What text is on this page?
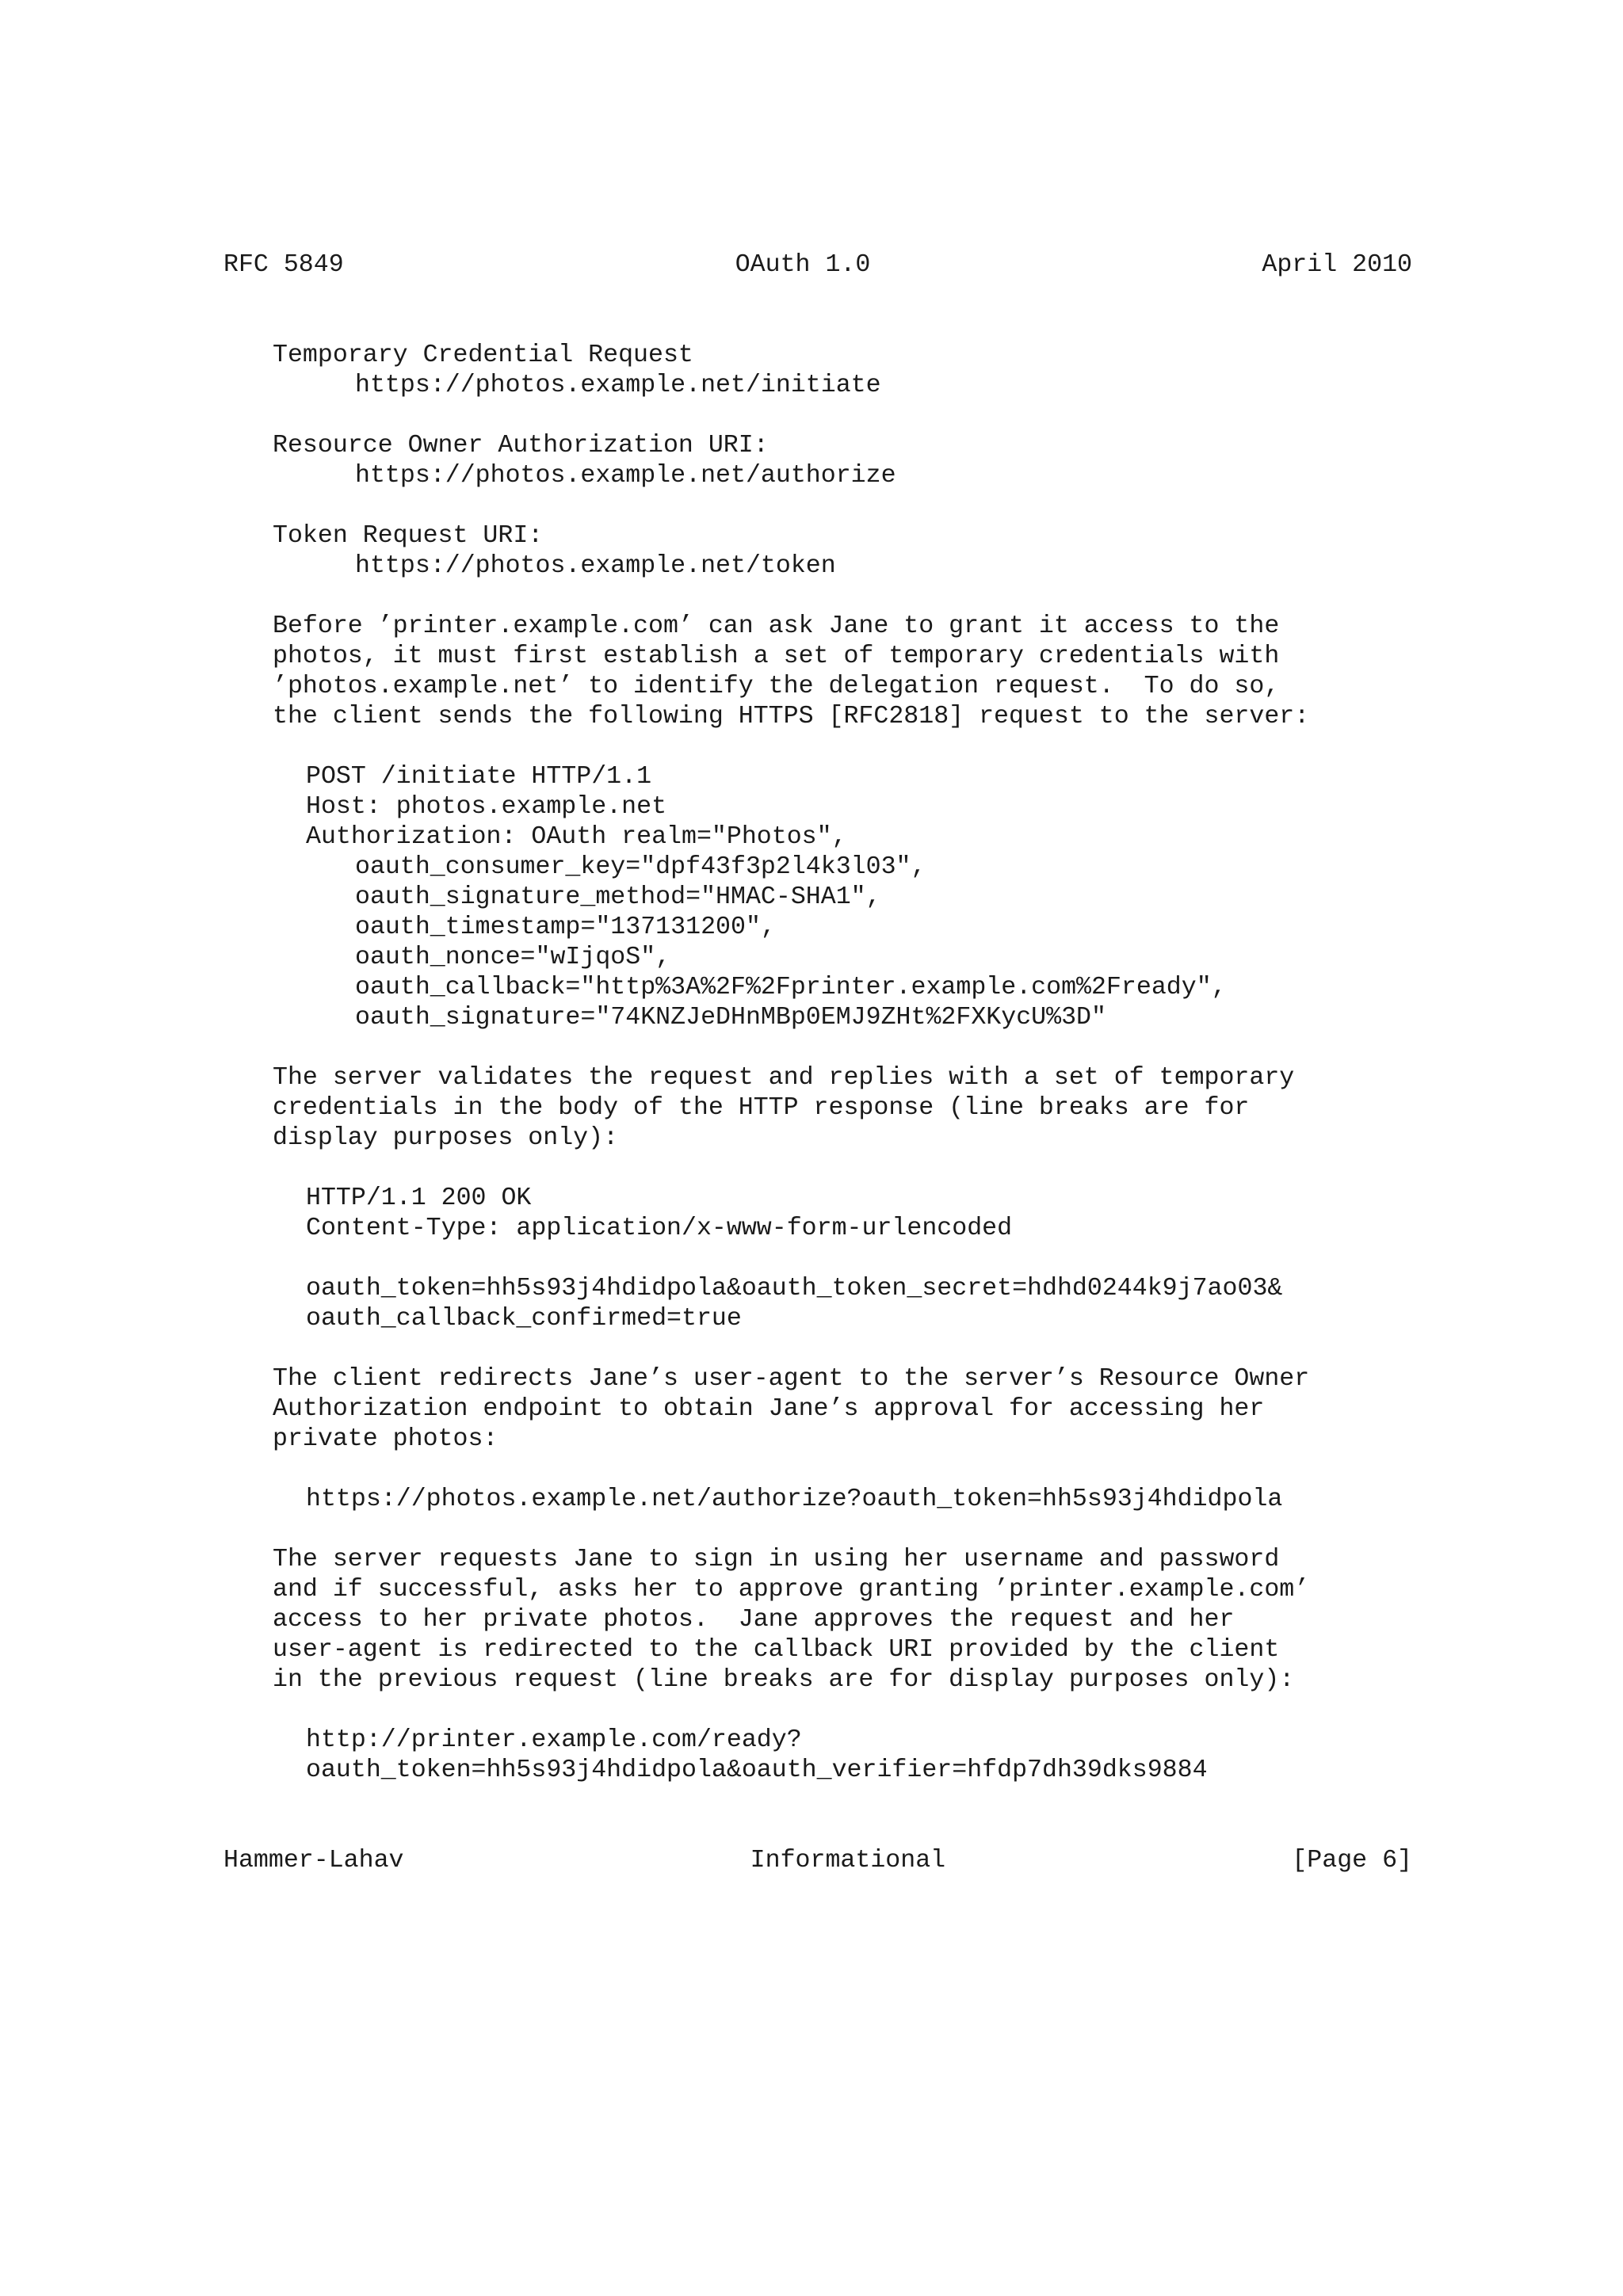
RFC 5849	OAuth 1.0	April 2010
Temporary Credential Request
https://photos.example.net/initiate
Resource Owner Authorization URI:
https://photos.example.net/authorize
Token Request URI:
https://photos.example.net/token
Before ’printer.example.com’ can ask Jane to grant it access to the
photos, it must first establish a set of temporary credentials with
’photos.example.net’ to identify the delegation request.  To do so,
the client sends the following HTTPS [RFC2818] request to the server:
POST /initiate HTTP/1.1
Host: photos.example.net
Authorization: OAuth realm="Photos",
oauth_consumer_key="dpf43f3p2l4k3l03",
oauth_signature_method="HMAC-SHA1",
oauth_timestamp="137131200",
oauth_nonce="wIjqoS",
oauth_callback="http%3A%2F%2Fprinter.example.com%2Fready",
oauth_signature="74KNZJeDHnMBp0EMJ9ZHt%2FXKycU%3D"
The server validates the request and replies with a set of temporary
credentials in the body of the HTTP response (line breaks are for
display purposes only):
HTTP/1.1 200 OK
Content-Type: application/x-www-form-urlencoded
oauth_token=hh5s93j4hdidpola&oauth_token_secret=hdhd0244k9j7ao03&
oauth_callback_confirmed=true
The client redirects Jane’s user-agent to the server’s Resource Owner
Authorization endpoint to obtain Jane’s approval for accessing her
private photos:
https://photos.example.net/authorize?oauth_token=hh5s93j4hdidpola
The server requests Jane to sign in using her username and password
and if successful, asks her to approve granting ’printer.example.com’
access to her private photos.  Jane approves the request and her
user-agent is redirected to the callback URI provided by the client
in the previous request (line breaks are for display purposes only):
http://printer.example.com/ready?
oauth_token=hh5s93j4hdidpola&oauth_verifier=hfdp7dh39dks9884
Hammer-Lahav	Informational	[Page 6]
